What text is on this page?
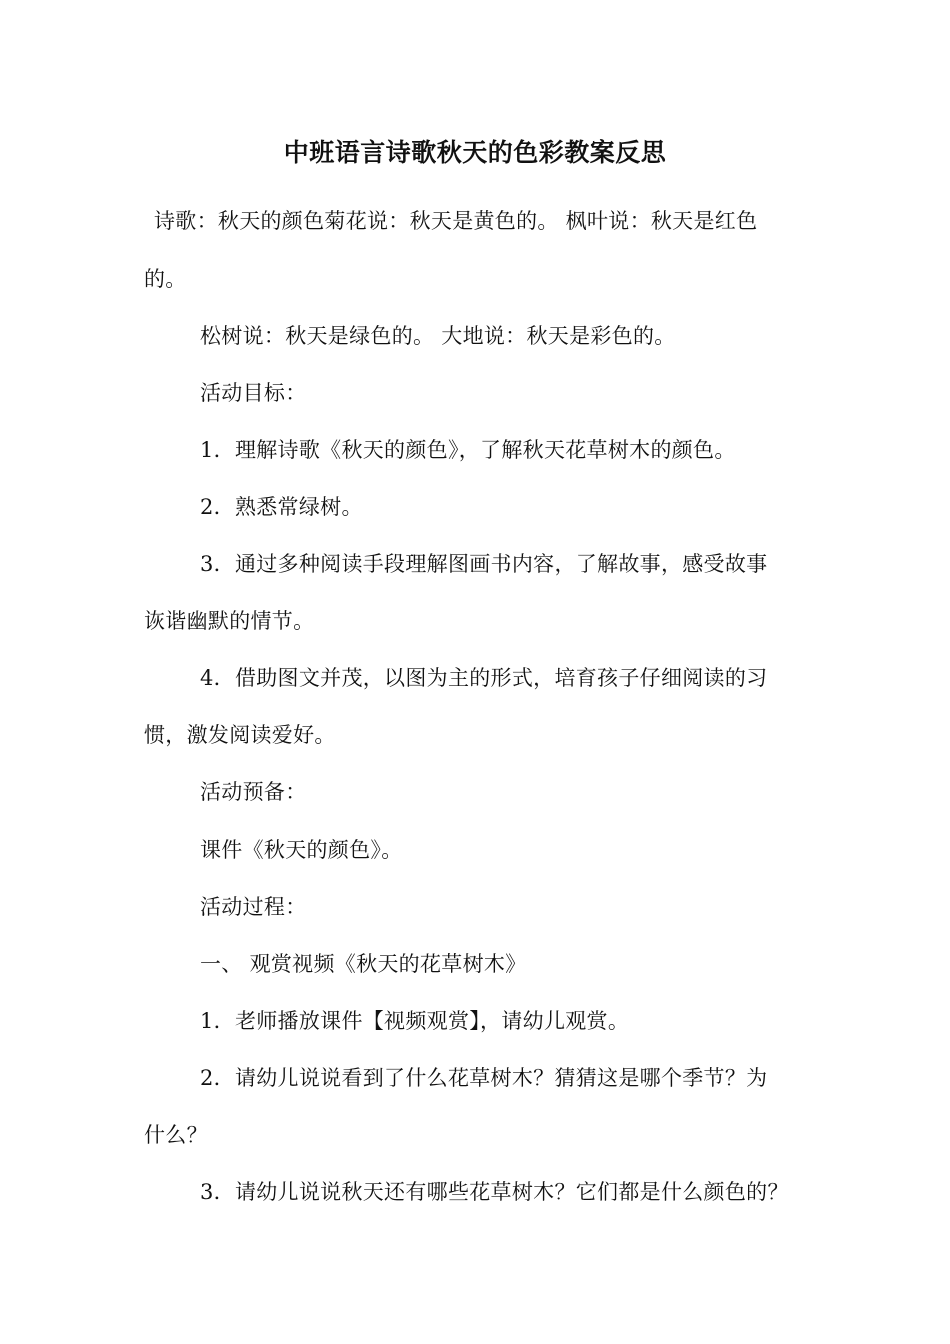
中班语言诗歌秋天的色彩教案反思

诗歌：秋天的颜色菊花说：秋天是黄色的。 枫叶说：秋天是红色

的。

松树说：秋天是绿色的。 大地说：秋天是彩色的。

活动目标：

1．理解诗歌《秋天的颜色》，了解秋天花草树木的颜色。

2．熟悉常绿树。

3．通过多种阅读手段理解图画书内容，了解故事，感受故事

诙谐幽默的情节。

4．借助图文并茂，以图为主的形式，培育孩子仔细阅读的习

惯，激发阅读爱好。

活动预备：

课件《秋天的颜色》。

活动过程：

一、 观赏视频《秋天的花草树木》

1．老师播放课件【视频观赏】，请幼儿观赏。

2．请幼儿说说看到了什么花草树木？猜猜这是哪个季节？为

什么？

3．请幼儿说说秋天还有哪些花草树木？它们都是什么颜色的？
